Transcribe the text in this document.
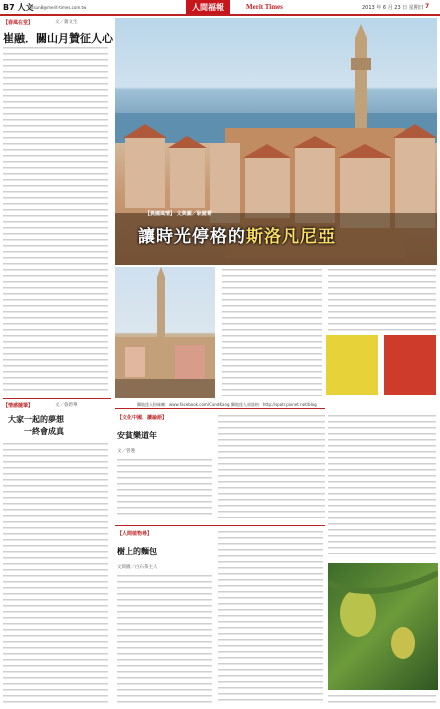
B7 人文
mtsun8@merit-times.com.tw	人間福報	Merit Times	2013 年 6 月 23 日 星期日 7
【春風在堂】	文／冀文生
崔融．關山月贊征人心
【異國風情】 文與圖／耿健菁
讓時光停格的斯洛凡尼亞
攝地達人粉絲團：www.facebook.com/CandKang 攝地達人部落格：http://spotr.pixnet.net/blog
【情感隨筆】	文／魯碧華
大家一起的夢想
一終會成真
【文化中國．讀論語】
安貧樂道年
文／曾遵
【人間植物尋】
樹上的麵包
文與圖／白石茶主人
